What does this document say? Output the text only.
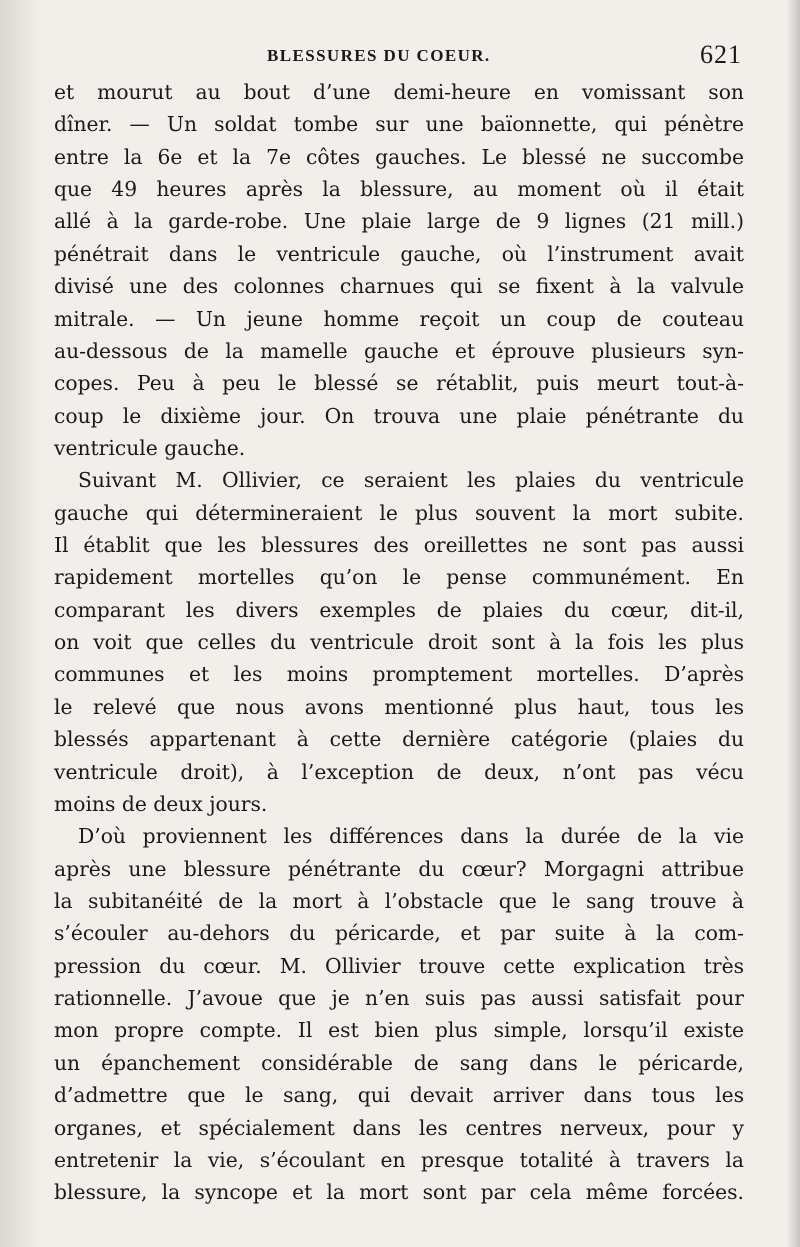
BLESSURES DU COEUR.	621
et mourut au bout d’une demi-heure en vomissant son
dîner. — Un soldat tombe sur une baïonnette, qui pénètre
entre la 6e et la 7e côtes gauches. Le blessé ne succombe
que 49 heures après la blessure, au moment où il était
allé à la garde-robe. Une plaie large de 9 lignes (21 mill.)
pénétrait dans le ventricule gauche, où l’instrument avait
divisé une des colonnes charnues qui se fixent à la valvule
mitrale. — Un jeune homme reçoit un coup de couteau
au-dessous de la mamelle gauche et éprouve plusieurs syn-
copes. Peu à peu le blessé se rétablit, puis meurt tout-à-
coup le dixième jour. On trouva une plaie pénétrante du
ventricule gauche.
Suivant M. Ollivier, ce seraient les plaies du ventricule
gauche qui détermineraient le plus souvent la mort subite.
Il établit que les blessures des oreillettes ne sont pas aussi
rapidement mortelles qu’on le pense communément. En
comparant les divers exemples de plaies du cœur, dit-il,
on voit que celles du ventricule droit sont à la fois les plus
communes et les moins promptement mortelles. D’après
le relevé que nous avons mentionné plus haut, tous les
blessés appartenant à cette dernière catégorie (plaies du
ventricule droit), à l’exception de deux, n’ont pas vécu
moins de deux jours.
D’où proviennent les différences dans la durée de la vie
après une blessure pénétrante du cœur? Morgagni attribue
la subitanéité de la mort à l’obstacle que le sang trouve à
s’écouler au-dehors du péricarde, et par suite à la com-
pression du cœur. M. Ollivier trouve cette explication très
rationnelle. J’avoue que je n’en suis pas aussi satisfait pour
mon propre compte. Il est bien plus simple, lorsqu’il existe
un épanchement considérable de sang dans le péricarde,
d’admettre que le sang, qui devait arriver dans tous les
organes, et spécialement dans les centres nerveux, pour y
entretenir la vie, s’écoulant en presque totalité à travers la
blessure, la syncope et la mort sont par cela même forcées.
